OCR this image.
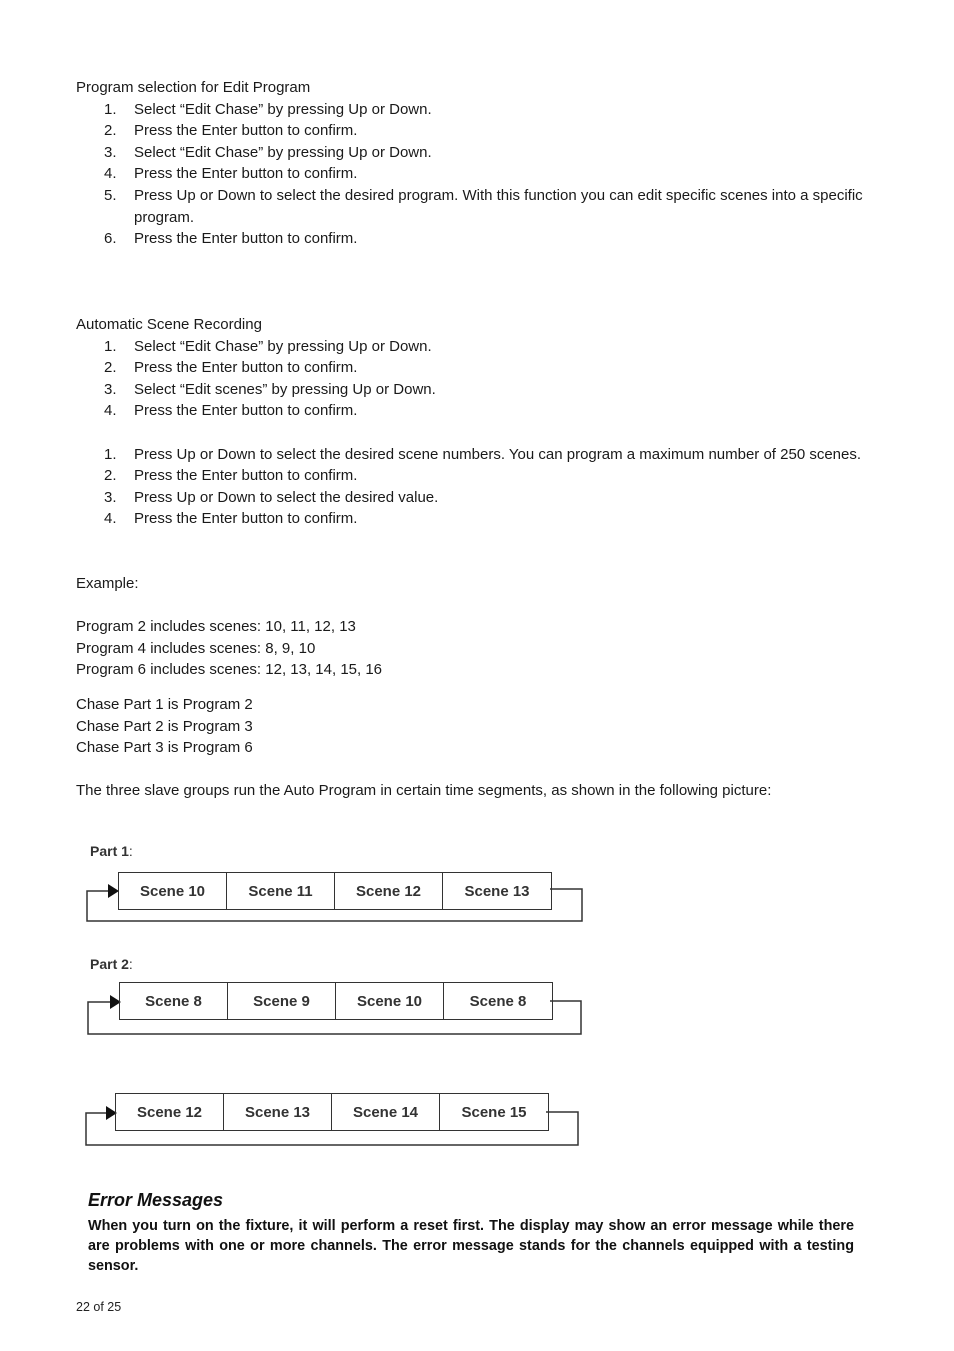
Program selection for Edit Program

1.	Select “Edit Chase” by pressing Up or Down.
2.	Press the Enter button to confirm.
3.	Select “Edit Chase” by pressing Up or Down.
4.	Press the Enter button to confirm.
5.	Press Up or Down to select the desired program. With this function you can edit specific scenes into a specific program.
6.	Press the Enter button to confirm.

Automatic Scene Recording

1.	Select “Edit Chase” by pressing Up or Down.
2.	Press the Enter button to confirm.
3.	Select “Edit scenes” by pressing Up or Down.
4.	Press the Enter button to confirm.
1.	Press Up or Down to select the desired scene numbers. You can program a maximum number of 250 scenes.
2.	Press the Enter button to confirm.
3.	Press Up or Down to select the desired value.
4.	Press the Enter button to confirm.

Example:

Program 2 includes scenes: 10, 11, 12, 13

Program 4 includes scenes: 8, 9, 10

Program 6 includes scenes: 12, 13, 14, 15, 16

Chase Part 1 is Program 2

Chase Part 2 is Program 3

Chase Part 3 is Program 6

The three slave groups run the Auto Program in certain time segments, as shown in the following picture:

Part 1:
Scene 10	Scene 11	Scene 12	Scene 13
Part 2:
Scene 8	Scene 9	Scene 10	Scene 8
Scene 12	Scene 13	Scene 14	Scene 15
Error Messages

When you turn on the fixture, it will perform a reset first. The display may show an error message while there are problems with one or more channels. The error message stands for the channels equipped with a testing sensor.

22 of 25
